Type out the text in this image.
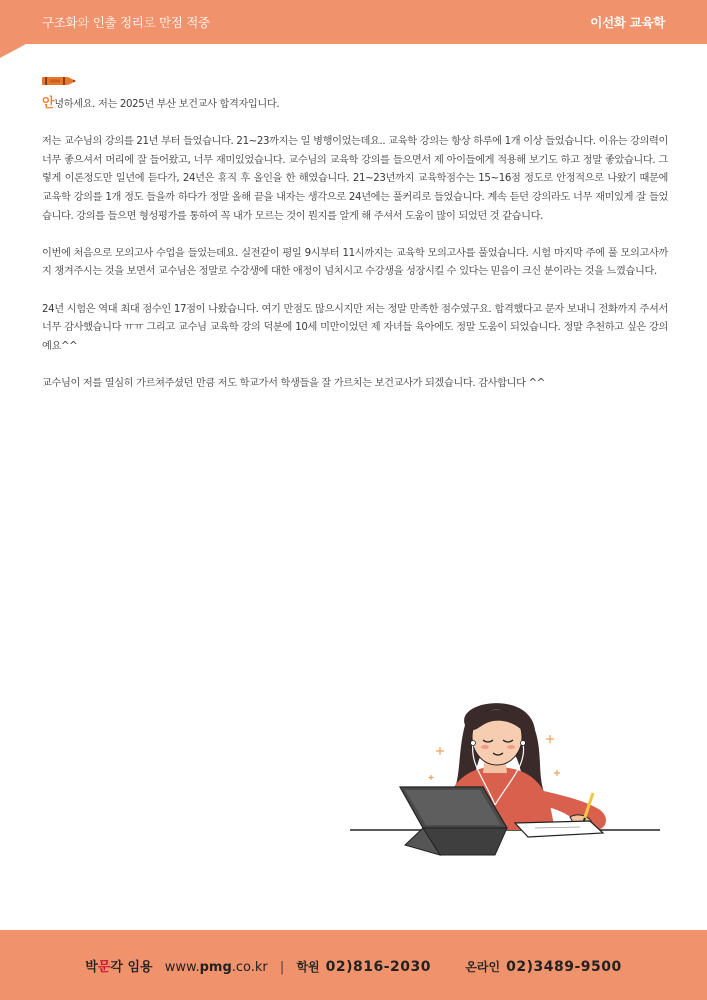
구조화와 인출 정리로 만점 적중	이선화 교육학

안녕하세요. 저는 2025년 부산 보건교사 합격자입니다.

저는 교수님의 강의를 21년 부터 들었습니다. 21~23까지는 일 병행이었는데요.. 교육학 강의는 항상 하루에 1개 이상 들었습니다. 이유는 강의력이 너무 좋으셔서 머리에 잘 들어왔고, 너무 재미있었습니다. 교수님의 교육학 강의를 들으면서 제 아이들에게 적용해 보기도 하고 정말 좋았습니다. 그렇게 이론정도만 일년에 듣다가, 24년은 휴직 후 올인을 한 해였습니다. 21~23년까지 교육학점수는 15~16점 정도로 안정적으로 나왔기 때문에 교육학 강의를 1개 정도 들을까 하다가 정말 올해 끝을 내자는 생각으로 24년에는 풀커리로 들었습니다. 계속 듣던 강의라도 너무 재미있게 잘 들었습니다. 강의를 들으면 형성평가를 통하여 꼭 내가 모르는 것이 뭔지를 알게 해 주셔서 도움이 많이 되었던 것 같습니다.

이번에 처음으로 모의고사 수업을 들었는데요. 실전같이 평일 9시부터 11시까지는 교육학 모의고사를 풀었습니다. 시험 마지막 주에 풀 모의고사까지 챙겨주시는 것을 보면서 교수님은 정말로 수강생에 대한 애정이 넘치시고 수강생을 성장시킬 수 있다는 믿음이 크신 분이라는 것을 느꼈습니다.

24년 시험은 역대 최대 점수인 17점이 나왔습니다. 여기 만점도 많으시지만 저는 정말 만족한 점수였구요. 합격했다고 문자 보내니 전화까지 주셔서 너무 감사했습니다 ㅠㅠ 그리고 교수님 교육학 강의 덕분에 10세 미만이었던 제 자녀들 육아에도 정말 도움이 되었습니다. 정말 추천하고 싶은 강의예요^^

교수님이 저를 열심히 가르쳐주셨던 만큼 저도 학교가서 학생들을 잘 가르치는 보건교사가 되겠습니다. 감사합니다 ^^

박문각 임용 www.pmg.co.kr | 학원 02)816-2030	온라인 02)3489-9500
